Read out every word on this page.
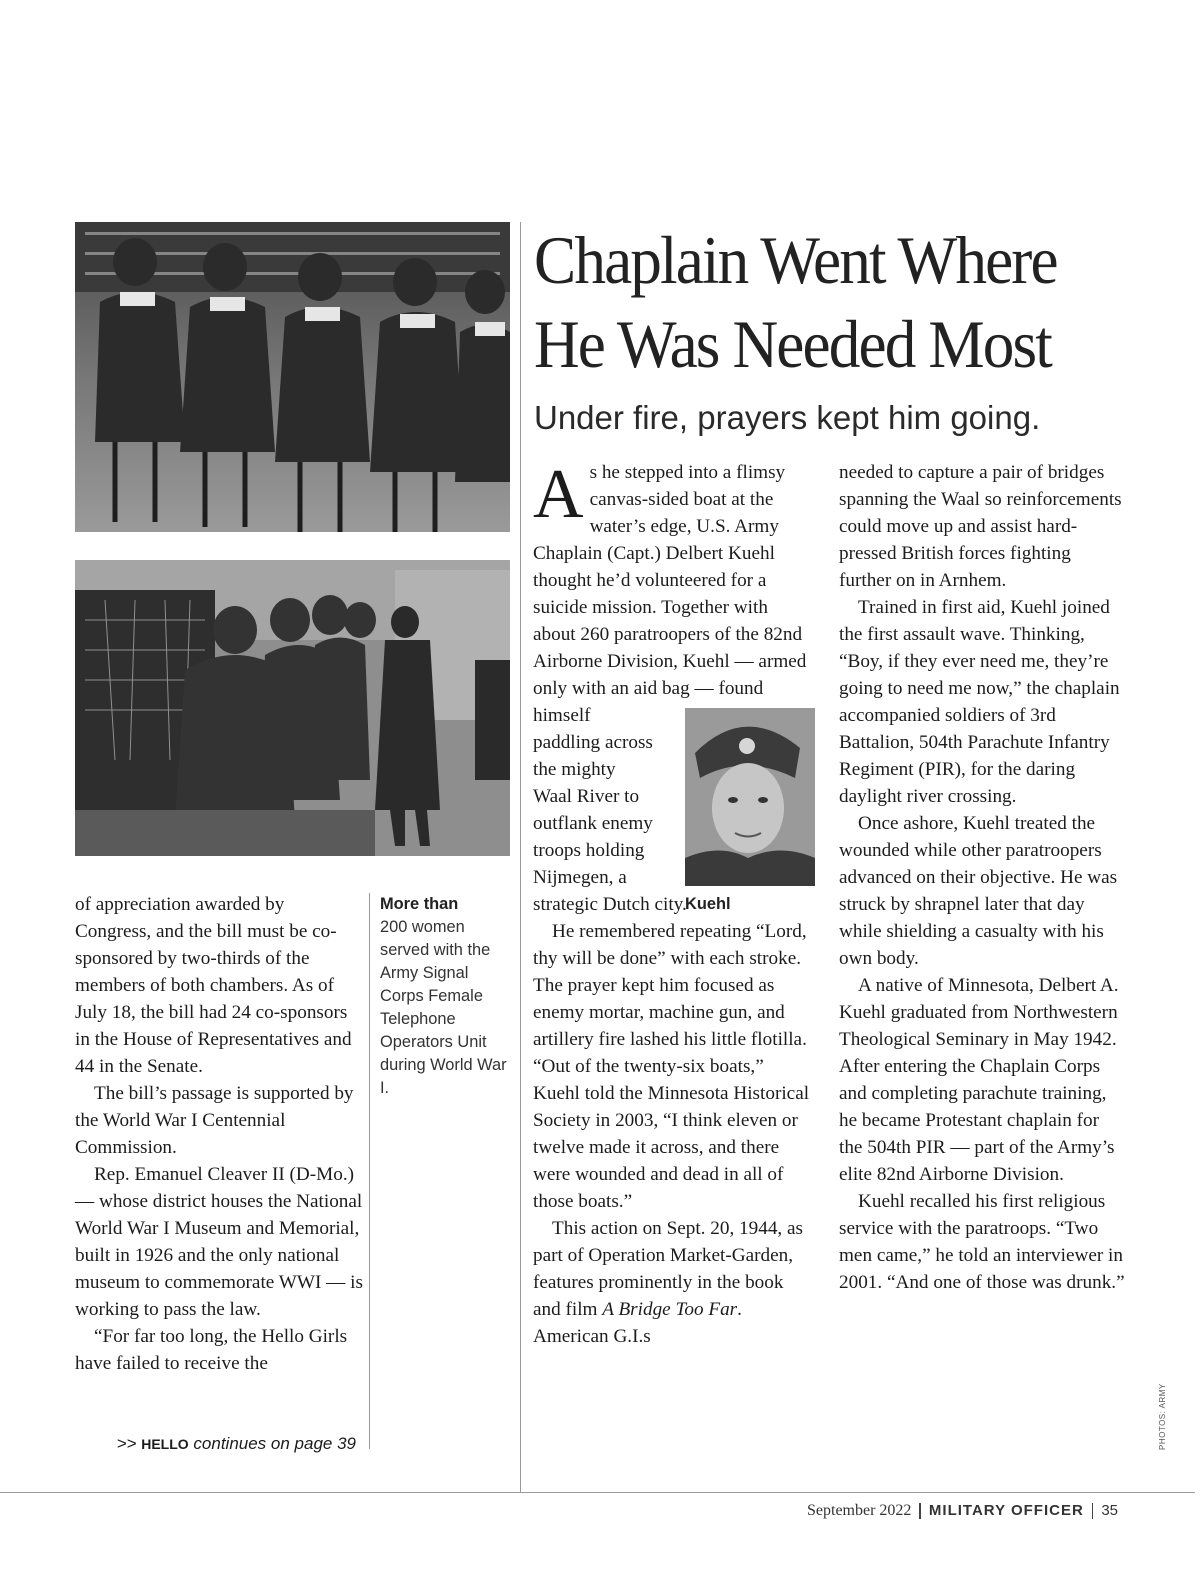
Chaplain Went Where
He Was Needed Most

Under fire, prayers kept him going.

of appreciation awarded by Congress, and the bill must be co-sponsored by two-thirds of the members of both chambers. As of July 18, the bill had 24 co-sponsors in the House of Representatives and 44 in the Senate.

The bill’s passage is supported by the World War I Centennial Commission.

Rep. Emanuel Cleaver II (D-Mo.) — whose district houses the National World War I Museum and Memorial, built in 1926 and the only national museum to commemorate WWI — is working to pass the law.

“For far too long, the Hello Girls have failed to receive the

>> HELLO continues on page 39

More than
200 women served with the Army Signal Corps Female Telephone Operators Unit during World War I.

As he stepped into a flimsy canvas-sided boat at the water’s edge, U.S. Army Chaplain (Capt.) Delbert Kuehl thought he’d volunteered for a suicide mission. Together with about 260 paratroopers of the 82nd Airborne Division, Kuehl — armed only with an aid bag — found himself paddling across the mighty Waal River to outflank enemy troops holding Nijmegen, a strategic Dutch city.

He remembered repeating “Lord, thy will be done” with each stroke. The prayer kept him focused as enemy mortar, machine gun, and artillery fire lashed his little flotilla. “Out of the twenty-six boats,” Kuehl told the Minnesota Historical Society in 2003, “I think eleven or twelve made it across, and there were wounded and dead in all of those boats.”

This action on Sept. 20, 1944, as part of Operation Market-Garden, features prominently in the book and film A Bridge Too Far. American G.I.s

Kuehl

needed to capture a pair of bridges spanning the Waal so reinforcements could move up and assist hard-pressed British forces fighting further on in Arnhem.

Trained in first aid, Kuehl joined the first assault wave. Thinking, “Boy, if they ever need me, they’re going to need me now,” the chaplain accompanied soldiers of 3rd Battalion, 504th Parachute Infantry Regiment (PIR), for the daring daylight river crossing.

Once ashore, Kuehl treated the wounded while other paratroopers advanced on their objective. He was struck by shrapnel later that day while shielding a casualty with his own body.

A native of Minnesota, Delbert A. Kuehl graduated from Northwestern Theological Seminary in May 1942. After entering the Chaplain Corps and completing parachute training, he became Protestant chaplain for the 504th PIR — part of the Army’s elite 82nd Airborne Division.

Kuehl recalled his first religious service with the paratroops. “Two men came,” he told an interviewer in 2001. “And one of those was drunk.”

PHOTOS: ARMY
September 2022 MILITARY OFFICER 35
